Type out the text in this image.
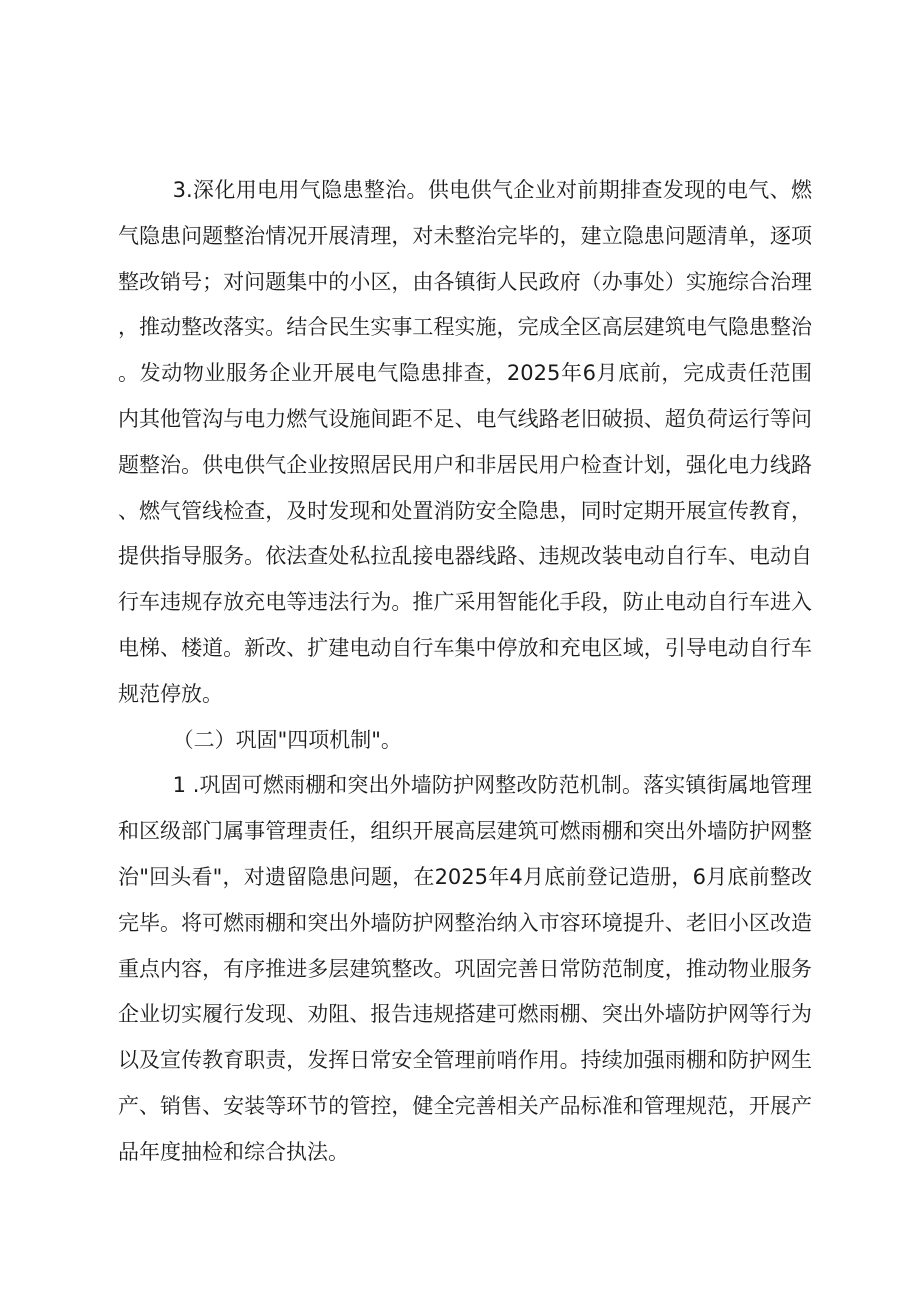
3.深化用电用气隐患整治。供电供气企业对前期排查发现的电气、燃气隐患问题整治情况开展清理，对未整治完毕的，建立隐患问题清单，逐项整改销号；对问题集中的小区，由各镇街人民政府（办事处）实施综合治理，推动整改落实。结合民生实事工程实施，完成全区高层建筑电气隐患整治。发动物业服务企业开展电气隐患排查，2025年6月底前，完成责任范围内其他管沟与电力燃气设施间距不足、电气线路老旧破损、超负荷运行等问题整治。供电供气企业按照居民用户和非居民用户检查计划，强化电力线路、燃气管线检查，及时发现和处置消防安全隐患，同时定期开展宣传教育，提供指导服务。依法查处私拉乱接电器线路、违规改装电动自行车、电动自行车违规存放充电等违法行为。推广采用智能化手段，防止电动自行车进入电梯、楼道。新改、扩建电动自行车集中停放和充电区域，引导电动自行车规范停放。

（二）巩固"四项机制"。

1 .巩固可燃雨棚和突出外墙防护网整改防范机制。落实镇街属地管理和区级部门属事管理责任，组织开展高层建筑可燃雨棚和突出外墙防护网整治"回头看"，对遗留隐患问题，在2025年4月底前登记造册，6月底前整改完毕。将可燃雨棚和突出外墙防护网整治纳入市容环境提升、老旧小区改造重点内容，有序推进多层建筑整改。巩固完善日常防范制度，推动物业服务企业切实履行发现、劝阻、报告违规搭建可燃雨棚、突出外墙防护网等行为以及宣传教育职责，发挥日常安全管理前哨作用。持续加强雨棚和防护网生产、销售、安装等环节的管控，健全完善相关产品标准和管理规范，开展产品年度抽检和综合执法。
